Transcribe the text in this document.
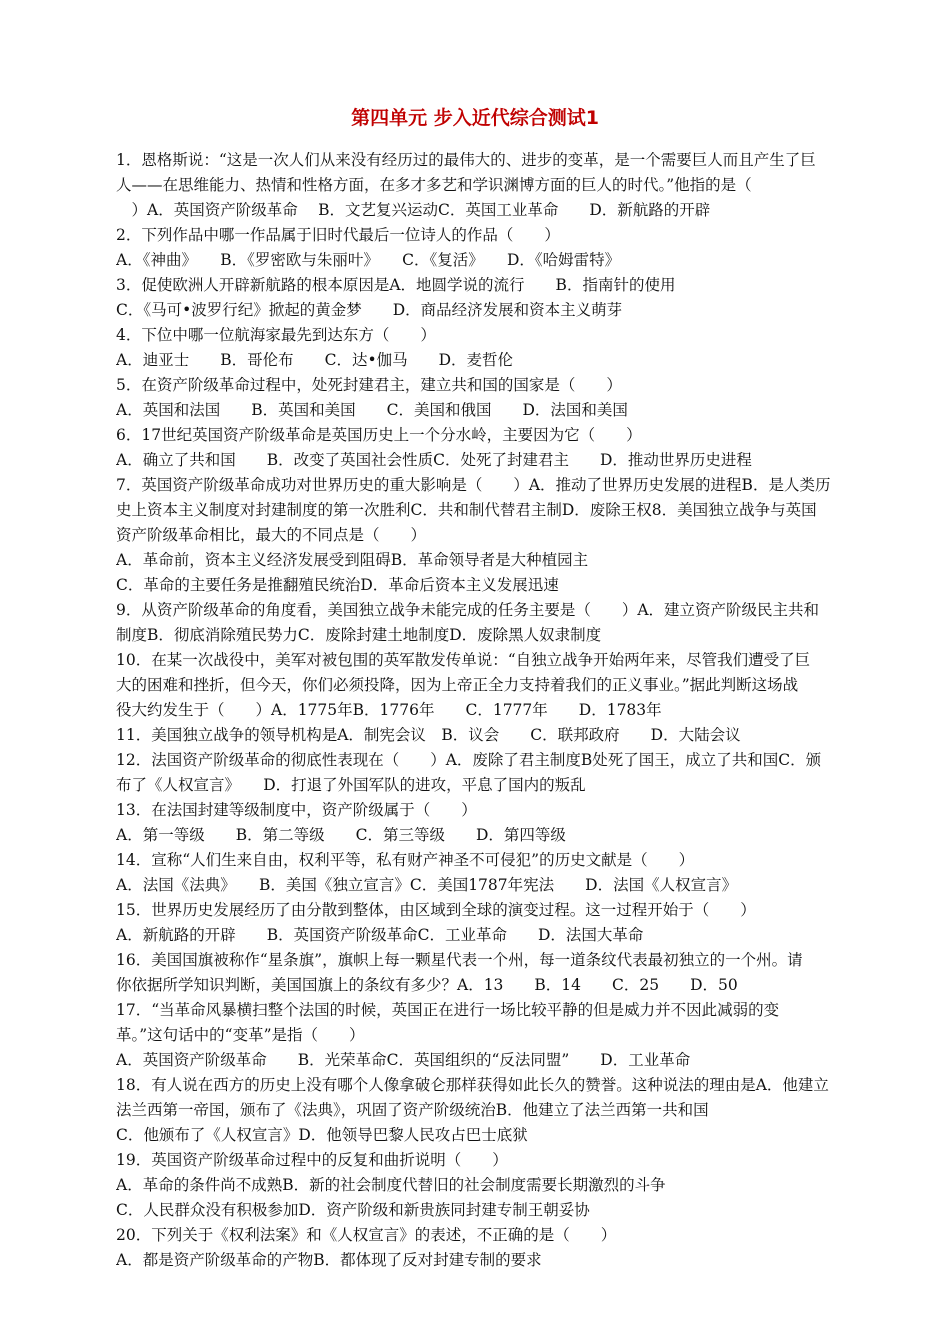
第四单元 步入近代综合测试1
1．恩格斯说：“这是一次人们从来没有经历过的最伟大的、进步的变革，是一个需要巨人而且产生了巨
人——在思维能力、热情和性格方面，在多才多艺和学识渊博方面的巨人的时代。”他指的是（
　）A．英国资产阶级革命　 B．文艺复兴运动C．英国工业革命　　D．新航路的开辟
2．下列作品中哪一作品属于旧时代最后一位诗人的作品（　　）
A．《神曲》　　B．《罗密欧与朱丽叶》　　C．《复活》　　D．《哈姆雷特》
3．促使欧洲人开辟新航路的根本原因是A．地圆学说的流行　　B．指南针的使用
C．《马可•波罗行纪》掀起的黄金梦　　D．商品经济发展和资本主义萌芽
4．下位中哪一位航海家最先到达东方（　　）
A．迪亚士　　B．哥伦布　　C．达•伽马　　D．麦哲伦
5．在资产阶级革命过程中，处死封建君主，建立共和国的国家是（　　）
A．英国和法国　　B．英国和美国　　C．美国和俄国　　D．法国和美国
6．17世纪英国资产阶级革命是英国历史上一个分水岭，主要因为它（　　）
A．确立了共和国　　B．改变了英国社会性质C．处死了封建君主　　D．推动世界历史进程
7．英国资产阶级革命成功对世界历史的重大影响是（　　）A．推动了世界历史发展的进程B．是人类历
史上资本主义制度对封建制度的第一次胜利C．共和制代替君主制D．废除王权8．美国独立战争与英国
资产阶级革命相比，最大的不同点是（　　）
A．革命前，资本主义经济发展受到阻碍B．革命领导者是大种植园主
C．革命的主要任务是推翻殖民统治D．革命后资本主义发展迅速
9．从资产阶级革命的角度看，美国独立战争未能完成的任务主要是（　　）A．建立资产阶级民主共和
制度B．彻底消除殖民势力C．废除封建土地制度D．废除黑人奴隶制度
10．在某一次战役中，美军对被包围的英军散发传单说：“自独立战争开始两年来，尽管我们遭受了巨
大的困难和挫折，但今天，你们必须投降，因为上帝正全力支持着我们的正义事业。”据此判断这场战
役大约发生于（　　）A．1775年B．1776年　　C．1777年　　D．1783年
11．美国独立战争的领导机构是A．制宪会议　B．议会　　C．联邦政府　　D．大陆会议
12．法国资产阶级革命的彻底性表现在（　　）A．废除了君主制度B处死了国王，成立了共和国C．颁
布了《人权宣言》　　D．打退了外国军队的进攻，平息了国内的叛乱
13．在法国封建等级制度中，资产阶级属于（　　）
A．第一等级　　B．第二等级　　C．第三等级　　D．第四等级
14．宣称“人们生来自由，权利平等，私有财产神圣不可侵犯”的历史文献是（　　）
A．法国《法典》　　B．美国《独立宣言》C．美国1787年宪法　　D．法国《人权宣言》
15．世界历史发展经历了由分散到整体，由区域到全球的演变过程。这一过程开始于（　　）
A．新航路的开辟　　B．英国资产阶级革命C．工业革命　　D．法国大革命
16．美国国旗被称作“星条旗”，旗帜上每一颗星代表一个州，每一道条纹代表最初独立的一个州。请
你依据所学知识判断，美国国旗上的条纹有多少？A．13　　B．14　　C．25　　D．50
17．“当革命风暴横扫整个法国的时候，英国正在进行一场比较平静的但是威力并不因此减弱的变
革。”这句话中的“变革”是指（　　）
A．英国资产阶级革命　　B．光荣革命C．英国组织的“反法同盟”　　D．工业革命
18．有人说在西方的历史上没有哪个人像拿破仑那样获得如此长久的赞誉。这种说法的理由是A．他建立
法兰西第一帝国，颁布了《法典》，巩固了资产阶级统治B．他建立了法兰西第一共和国
C．他颁布了《人权宣言》D．他领导巴黎人民攻占巴士底狱
19．英国资产阶级革命过程中的反复和曲折说明（　　）
A．革命的条件尚不成熟B．新的社会制度代替旧的社会制度需要长期激烈的斗争
C．人民群众没有积极参加D．资产阶级和新贵族同封建专制王朝妥协
20．下列关于《权利法案》和《人权宣言》的表述，不正确的是（　　）
A．都是资产阶级革命的产物B．都体现了反对封建专制的要求
